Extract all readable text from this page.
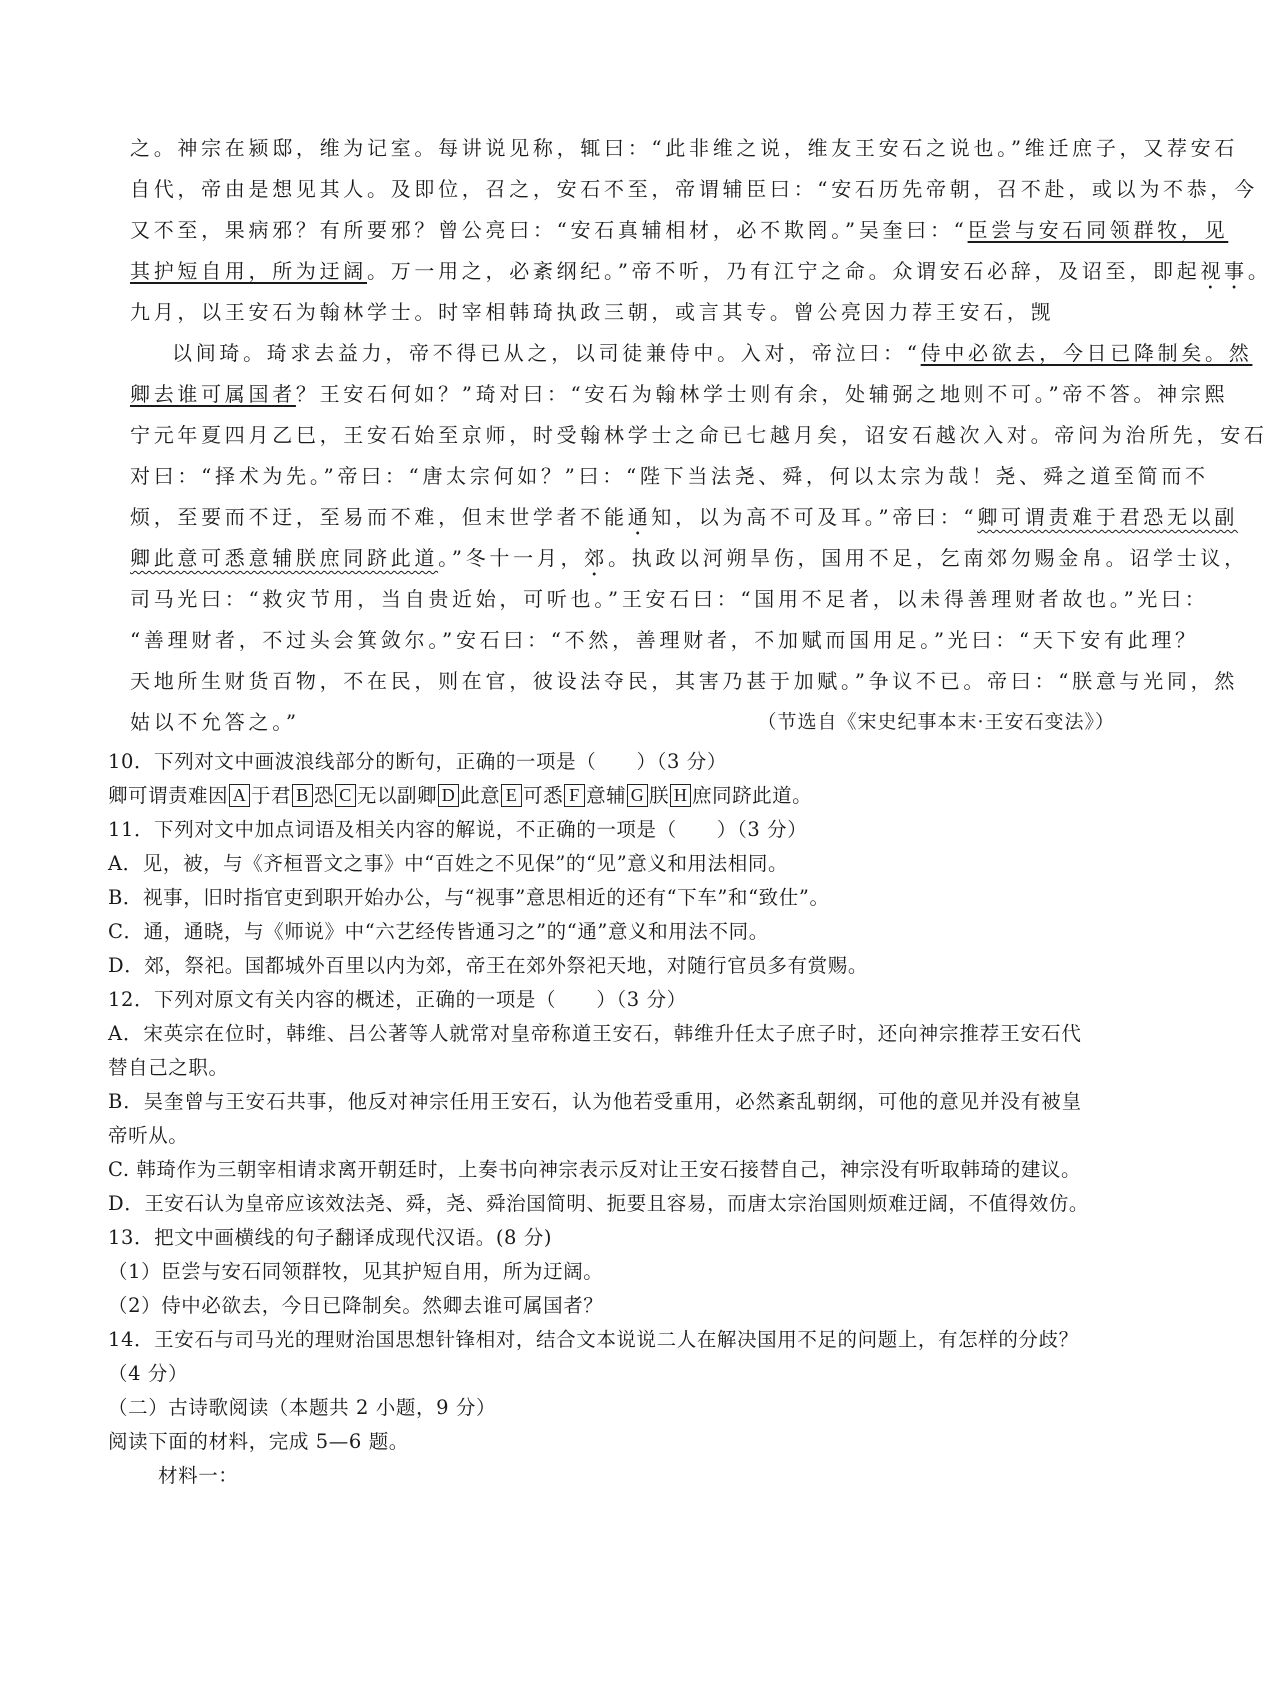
之。神宗在颍邸，维为记室。每讲说见称，辄曰：“此非维之说，维友王安石之说也。”维迁庶子，又荐安石
自代，帝由是想见其人。及即位，召之，安石不至，帝谓辅臣曰：“安石历先帝朝，召不赴，或以为不恭，今
又不至，果病邪？有所要邪？曾公亮曰：“安石真辅相材，必不欺罔。”吴奎曰：“臣尝与安石同领群牧，见
其护短自用，所为迂阔。万一用之，必紊纲纪。”帝不听，乃有江宁之命。众谓安石必辞，及诏至，即起视事。
九月，以王安石为翰林学士。时宰相韩琦执政三朝，或言其专。曾公亮因力荐王安石，觊
以间琦。琦求去益力，帝不得已从之，以司徒兼侍中。入对，帝泣曰：“侍中必欲去，今日已降制矣。然
卿去谁可属国者？王安石何如？”琦对曰：“安石为翰林学士则有余，处辅弼之地则不可。”帝不答。神宗熙
宁元年夏四月乙巳，王安石始至京师，时受翰林学士之命已七越月矣，诏安石越次入对。帝问为治所先，安石
对曰：“择术为先。”帝曰：“唐太宗何如？”曰：“陛下当法尧、舜，何以太宗为哉！尧、舜之道至简而不
烦，至要而不迂，至易而不难，但末世学者不能通知，以为高不可及耳。”帝曰：“卿可谓责难于君恐无以副
卿此意可悉意辅朕庶同跻此道。”冬十一月，郊。执政以河朔旱伤，国用不足，乞南郊勿赐金帛。诏学士议，
司马光曰：“救灾节用，当自贵近始，可听也。”王安石曰：“国用不足者，以未得善理财者故也。”光曰：
“善理财者，不过头会箕敛尔。”安石曰：“不然，善理财者，不加赋而国用足。”光曰：“天下安有此理？
天地所生财货百物，不在民，则在官，彼设法夺民，其害乃甚于加赋。”争议不已。帝曰：“朕意与光同，然
姑以不允答之。”	（节选自《宋史纪事本末·王安石变法》）
10．下列对文中画波浪线部分的断句，正确的一项是（　　）（3 分）
卿可谓责难因 A 于君 B 恐 C 无以副卿 D 此意 E 可悉 F 意辅 G 朕 H 庶同跻此道。
11．下列对文中加点词语及相关内容的解说，不正确的一项是（　　）（3 分）
A．见，被，与《齐桓晋文之事》中“百姓之不见保”的“见”意义和用法相同。
B．视事，旧时指官吏到职开始办公，与“视事”意思相近的还有“下车”和“致仕”。
C．通，通晓，与《师说》中“六艺经传皆通习之”的“通”意义和用法不同。
D．郊，祭祀。国都城外百里以内为郊，帝王在郊外祭祀天地，对随行官员多有赏赐。
12．下列对原文有关内容的概述，正确的一项是（　　）（3 分）
A．宋英宗在位时，韩维、吕公著等人就常对皇帝称道王安石，韩维升任太子庶子时，还向神宗推荐王安石代
替自己之职。
B．吴奎曾与王安石共事，他反对神宗任用王安石，认为他若受重用，必然紊乱朝纲，可他的意见并没有被皇
帝听从。
C. 韩琦作为三朝宰相请求离开朝廷时，上奏书向神宗表示反对让王安石接替自己，神宗没有听取韩琦的建议。
D．王安石认为皇帝应该效法尧、舜，尧、舜治国简明、扼要且容易，而唐太宗治国则烦难迂阔，不值得效仿。
13．把文中画横线的句子翻译成现代汉语。(8 分)
（1）臣尝与安石同领群牧，见其护短自用，所为迂阔。
（2）侍中必欲去，今日已降制矣。然卿去谁可属国者？
14．王安石与司马光的理财治国思想针锋相对，结合文本说说二人在解决国用不足的问题上，有怎样的分歧？
（4 分）
（二）古诗歌阅读（本题共 2 小题，9 分）
阅读下面的材料，完成 5—6 题。
材料一：
